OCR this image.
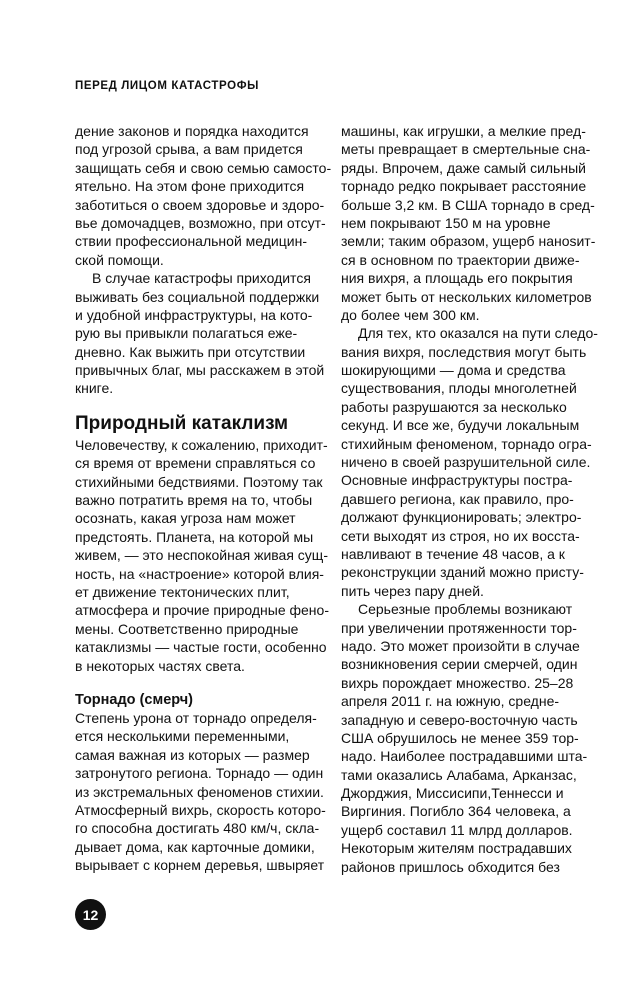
ПЕРЕД ЛИЦОМ КАТАСТРОФЫ
дение законов и порядка находится
под угрозой срыва, а вам придется
защищать себя и свою семью самосто-
ятельно. На этом фоне приходится
заботиться о своем здоровье и здоро-
вье домочадцев, возможно, при отсут-
ствии профессиональной медицин-
ской помощи.
В случае катастрофы приходится
выживать без социальной поддержки
и удобной инфраструктуры, на кото-
рую вы привыкли полагаться еже-
дневно. Как выжить при отсутствии
привычных благ, мы расскажем в этой
книге.
Природный катаклизм
Человечеству, к сожалению, приходит-
ся время от времени справляться со
стихийными бедствиями. Поэтому так
важно потратить время на то, чтобы
осознать, какая угроза нам может
предстоять. Планета, на которой мы
живем, — это неспокойная живая сущ-
ность, на «настроение» которой влия-
ет движение тектонических плит,
атмосфера и прочие природные фено-
мены. Соответственно природные
катаклизмы — частые гости, особенно
в некоторых частях света.
Торнадо (смерч)
Степень урона от торнадо определя-
ется несколькими переменными,
самая важная из которых — размер
затронутого региона. Торнадо — один
из экстремальных феноменов стихии.
Атмосферный вихрь, скорость которо-
го способна достигать 480 км/ч, скла-
дывает дома, как карточные домики,
вырывает с корнем деревья, швыряет
машины, как игрушки, а мелкие пред-
меты превращает в смертельные сна-
ряды. Впрочем, даже самый сильный
торнадо редко покрывает расстояние
больше 3,2 км. В США торнадо в сред-
нем покрывают 150 м на уровне
земли; таким образом, ущерб нанosит-
ся в основном по траектории движе-
ния вихря, а площадь его покрытия
может быть от нескольких километров
до более чем 300 км.
Для тех, кто оказался на пути следо-
вания вихря, последствия могут быть
шокирующими — дома и средства
существования, плоды многолетней
работы разрушаются за несколько
секунд. И все же, будучи локальным
стихийным феноменом, торнадо огра-
ничено в своей разрушительной силе.
Основные инфраструктуры постра-
давшего региона, как правило, про-
должают функционировать; электро-
сети выходят из строя, но их восста-
навливают в течение 48 часов, а к
реконструкции зданий можно присту-
пить через пару дней.
Серьезные проблемы возникают
при увеличении протяженности тор-
надо. Это может произойти в случае
возникновения серии смерчей, один
вихрь порождает множество. 25–28
апреля 2011 г. на южную, средне-
западную и северо-восточную часть
США обрушилось не менее 359 тор-
надо. Наиболее пострадавшими шта-
тами оказались Алабама, Арканзас,
Джорджия, Миссисипи,Теннесси и
Виргиния. Погибло 364 человека, а
ущерб составил 11 млрд долларов.
Некоторым жителям пострадавших
районов пришлось обходится без
12
